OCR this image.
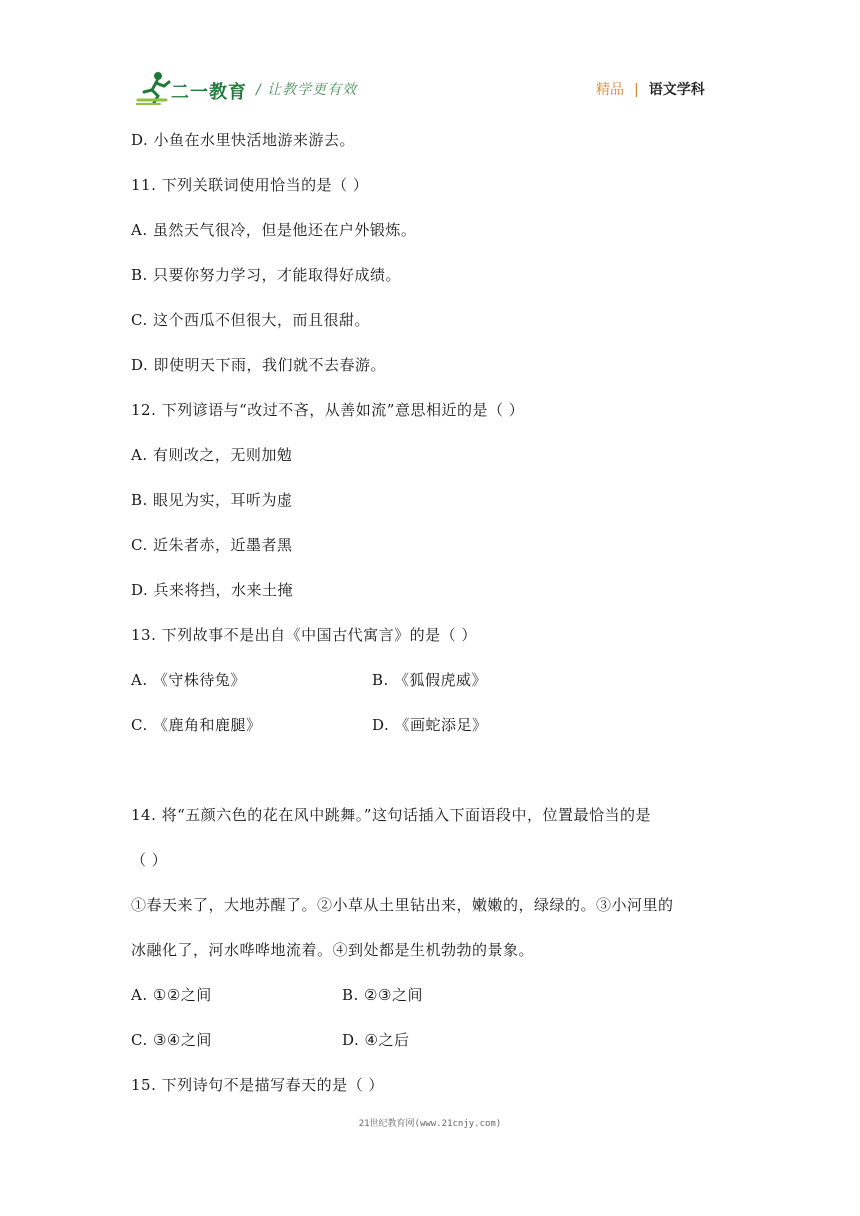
二一教育 / 让教学更有效	精品 | 语文学科
D. 小鱼在水里快活地游来游去。
11. 下列关联词使用恰当的是（ ）
A. 虽然天气很冷，但是他还在户外锻炼。
B. 只要你努力学习，才能取得好成绩。
C. 这个西瓜不但很大，而且很甜。
D. 即使明天下雨，我们就不去春游。
12. 下列谚语与“改过不吝，从善如流”意思相近的是（ ）
A. 有则改之，无则加勉
B. 眼见为实，耳听为虚
C. 近朱者赤，近墨者黑
D. 兵来将挡，水来土掩
13. 下列故事不是出自《中国古代寓言》的是（ ）
A. 《守株待兔》	B. 《狐假虎威》
C. 《鹿角和鹿腿》	D. 《画蛇添足》
14. 将“五颜六色的花在风中跳舞。”这句话插入下面语段中，位置最恰当的是
（ ）
①春天来了，大地苏醒了。②小草从土里钻出来，嫩嫩的，绿绿的。③小河里的
冰融化了，河水哗哗地流着。④到处都是生机勃勃的景象。
A. ①②之间	B. ②③之间
C. ③④之间	D. ④之后
15. 下列诗句不是描写春天的是（ ）
21世纪教育网(www.21cnjy.com)
